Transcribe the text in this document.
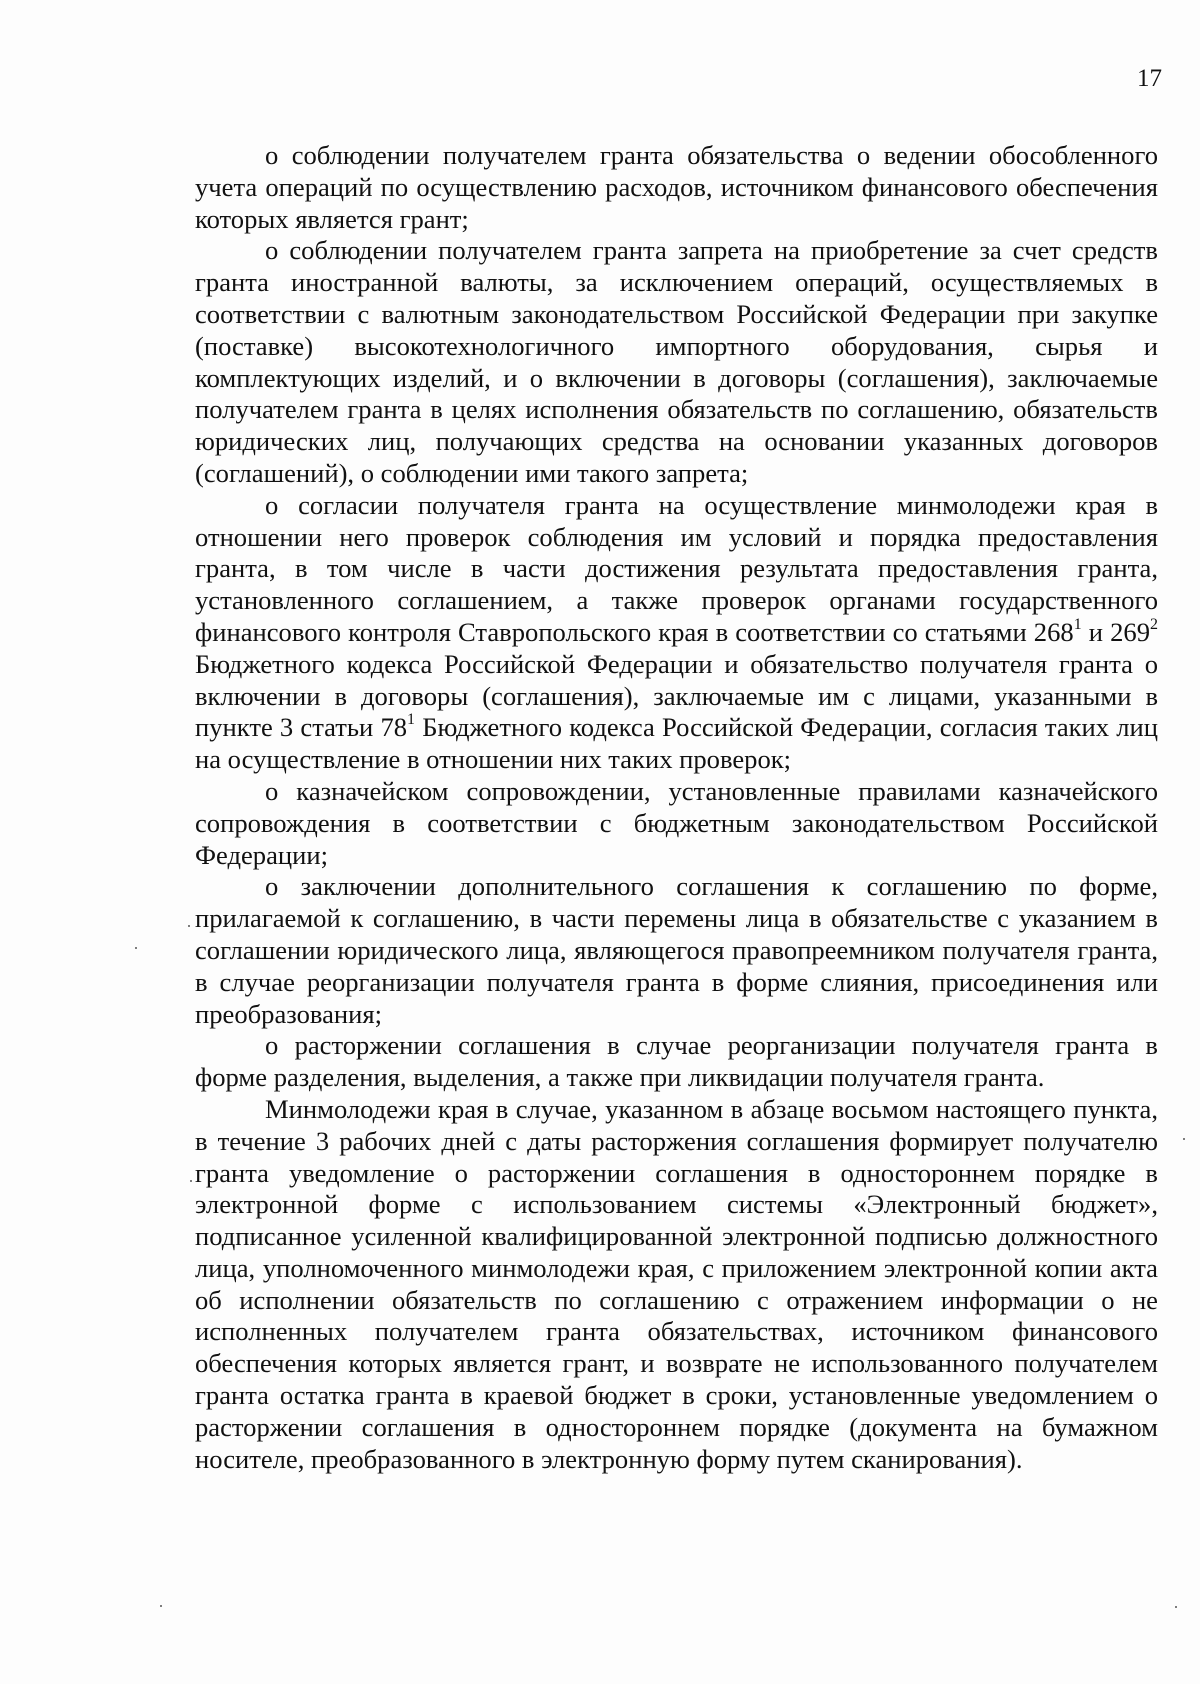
17

о соблюдении получателем гранта обязательства о ведении обособленного учета операций по осуществлению расходов, источником финансового обеспечения которых является грант;

о соблюдении получателем гранта запрета на приобретение за счет средств гранта иностранной валюты, за исключением операций, осуществляемых в соответствии с валютным законодательством Российской Федерации при закупке (поставке) высокотехнологичного импортного оборудования, сырья и комплектующих изделий, и о включении в договоры (соглашения), заключаемые получателем гранта в целях исполнения обязательств по соглашению, обязательств юридических лиц, получающих средства на основании указанных договоров (соглашений), о соблюдении ими такого запрета;

о согласии получателя гранта на осуществление минмолодежи края в отношении него проверок соблюдения им условий и порядка предоставления гранта, в том числе в части достижения результата предоставления гранта, установленного соглашением, а также проверок органами государственного финансового контроля Ставропольского края в соответствии со статьями $268^1$ и $269^2$ Бюджетного кодекса Российской Федерации и обязательство получателя гранта о включении в договоры (соглашения), заключаемые им с лицами, указанными в пункте 3 статьи $78^1$ Бюджетного кодекса Российской Федерации, согласия таких лиц на осуществление в отношении них таких проверок;

о казначейском сопровождении, установленные правилами казначейского сопровождения в соответствии с бюджетным законодательством Российской Федерации;

о заключении дополнительного соглашения к соглашению по форме, прилагаемой к соглашению, в части перемены лица в обязательстве с указанием в соглашении юридического лица, являющегося правопреемником получателя гранта, в случае реорганизации получателя гранта в форме слияния, присоединения или преобразования;

о расторжении соглашения в случае реорганизации получателя гранта в форме разделения, выделения, а также при ликвидации получателя гранта.

Минмолодежи края в случае, указанном в абзаце восьмом настоящего пункта, в течение 3 рабочих дней с даты расторжения соглашения формирует получателю гранта уведомление о расторжении соглашения в одностороннем порядке в электронной форме с использованием системы «Электронный бюджет», подписанное усиленной квалифицированной электронной подписью должностного лица, уполномоченного минмолодежи края, с приложением электронной копии акта об исполнении обязательств по соглашению с отражением информации о не исполненных получателем гранта обязательствах, источником финансового обеспечения которых является грант, и возврате не использованного получателем гранта остатка гранта в краевой бюджет в сроки, установленные уведомлением о расторжении соглашения в одностороннем порядке (документа на бумажном носителе, преобразованного в электронную форму путем сканирования).
